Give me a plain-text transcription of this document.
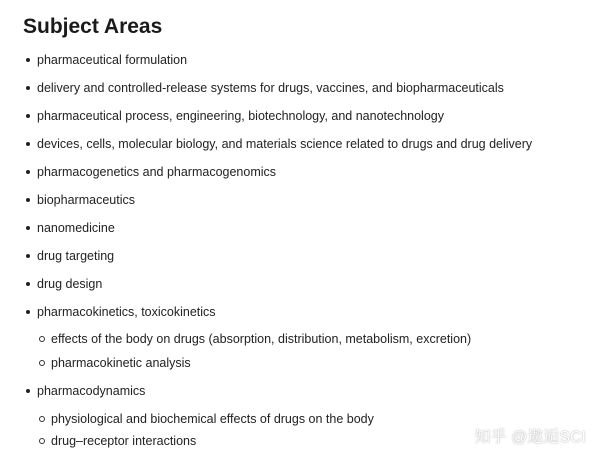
Subject Areas
pharmaceutical formulation
delivery and controlled-release systems for drugs, vaccines, and biopharmaceuticals
pharmaceutical process, engineering, biotechnology, and nanotechnology
devices, cells, molecular biology, and materials science related to drugs and drug delivery
pharmacogenetics and pharmacogenomics
biopharmaceutics
nanomedicine
drug targeting
drug design
pharmacokinetics, toxicokinetics
effects of the body on drugs (absorption, distribution, metabolism, excretion)
pharmacokinetic analysis
pharmacodynamics
physiological and biochemical effects of drugs on the body
drug–receptor interactions	知乎 @遨逅SCI
